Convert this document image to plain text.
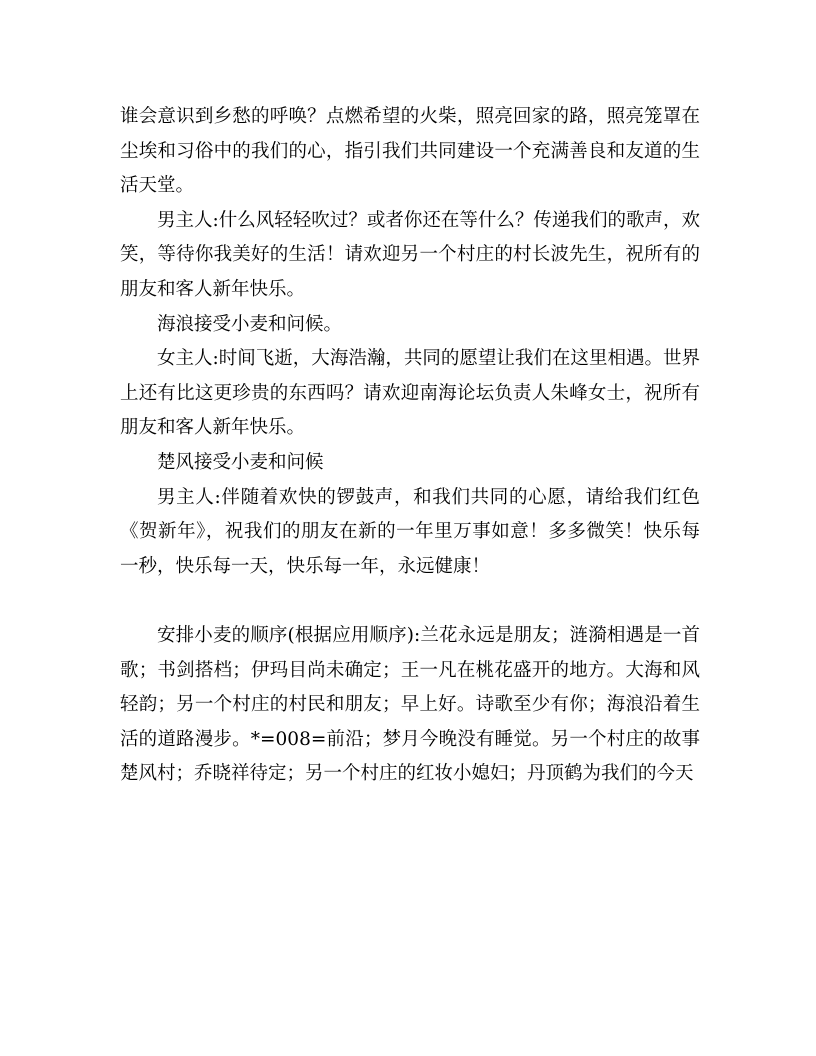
谁会意识到乡愁的呼唤？点燃希望的火柴，照亮回家的路，照亮笼罩在尘埃和习俗中的我们的心，指引我们共同建设一个充满善良和友道的生活天堂。

男主人:什么风轻轻吹过？或者你还在等什么？传递我们的歌声，欢笑，等待你我美好的生活！请欢迎另一个村庄的村长波先生，祝所有的朋友和客人新年快乐。

海浪接受小麦和问候。

女主人:时间飞逝，大海浩瀚，共同的愿望让我们在这里相遇。世界上还有比这更珍贵的东西吗？请欢迎南海论坛负责人朱峰女士，祝所有朋友和客人新年快乐。

楚风接受小麦和问候

男主人:伴随着欢快的锣鼓声，和我们共同的心愿，请给我们红色《贺新年》，祝我们的朋友在新的一年里万事如意！多多微笑！快乐每一秒，快乐每一天，快乐每一年，永远健康！

安排小麦的顺序(根据应用顺序):兰花永远是朋友；涟漪相遇是一首歌；书剑搭档；伊玛目尚未确定；王一凡在桃花盛开的地方。大海和风轻韵；另一个村庄的村民和朋友；早上好。诗歌至少有你；海浪沿着生活的道路漫步。*=008=前沿；梦月今晚没有睡觉。另一个村庄的故事楚风村；乔晓祥待定；另一个村庄的红妆小媳妇；丹顶鹤为我们的今天
